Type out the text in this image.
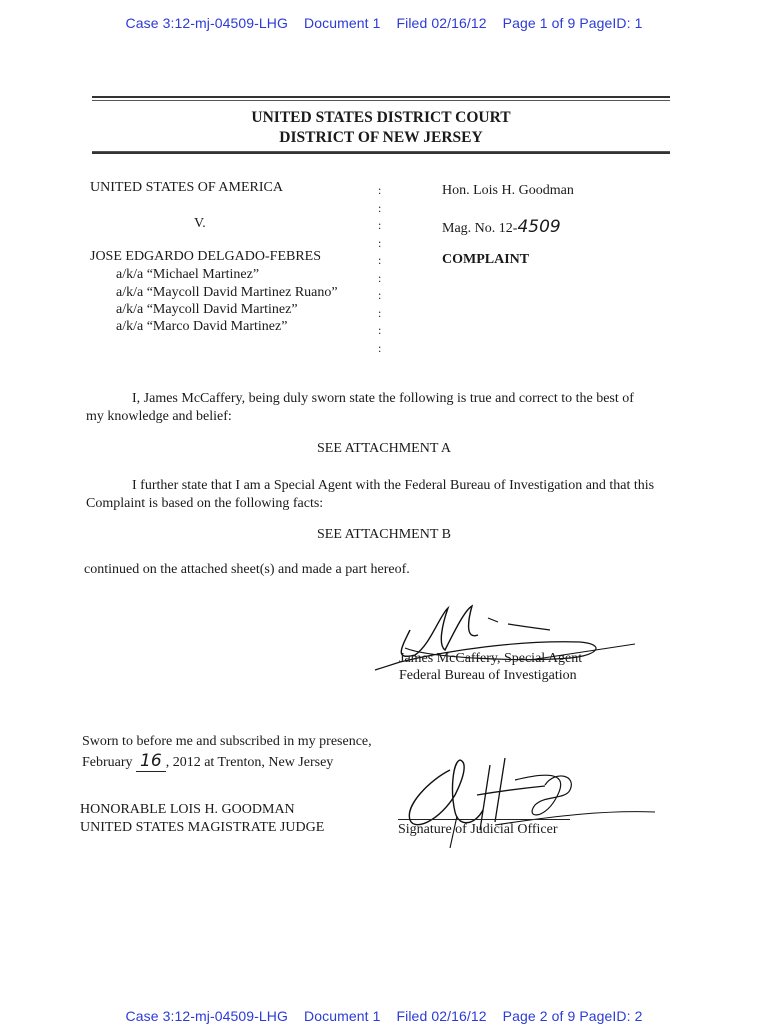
Case 3:12-mj-04509-LHG Document 1 Filed 02/16/12 Page 1 of 9 PageID: 1
UNITED STATES DISTRICT COURT
DISTRICT OF NEW JERSEY
UNITED STATES OF AMERICA
V.
JOSE EDGARDO DELGADO-FEBRES
a/k/a “Michael Martinez”
a/k/a “Maycoll David Martinez Ruano”
a/k/a “Maycoll David Martinez”
a/k/a “Marco David Martinez”
:
:
:
:
:
:
:
:
:
:
Hon. Lois H. Goodman
Mag. No. 12-4509
COMPLAINT
I, James McCaffery, being duly sworn state the following is true and correct to the best of my knowledge and belief:
SEE ATTACHMENT A
I further state that I am a Special Agent with the Federal Bureau of Investigation and that this Complaint is based on the following facts:
SEE ATTACHMENT B
continued on the attached sheet(s) and made a part hereof.
James McCaffery, Special Agent
Federal Bureau of Investigation
Sworn to before me and subscribed in my presence,
February 16 , 2012 at Trenton, New Jersey
HONORABLE LOIS H. GOODMAN
UNITED STATES MAGISTRATE JUDGE	Signature of Judicial Officer
Case 3:12-mj-04509-LHG Document 1 Filed 02/16/12 Page 2 of 9 PageID: 2
